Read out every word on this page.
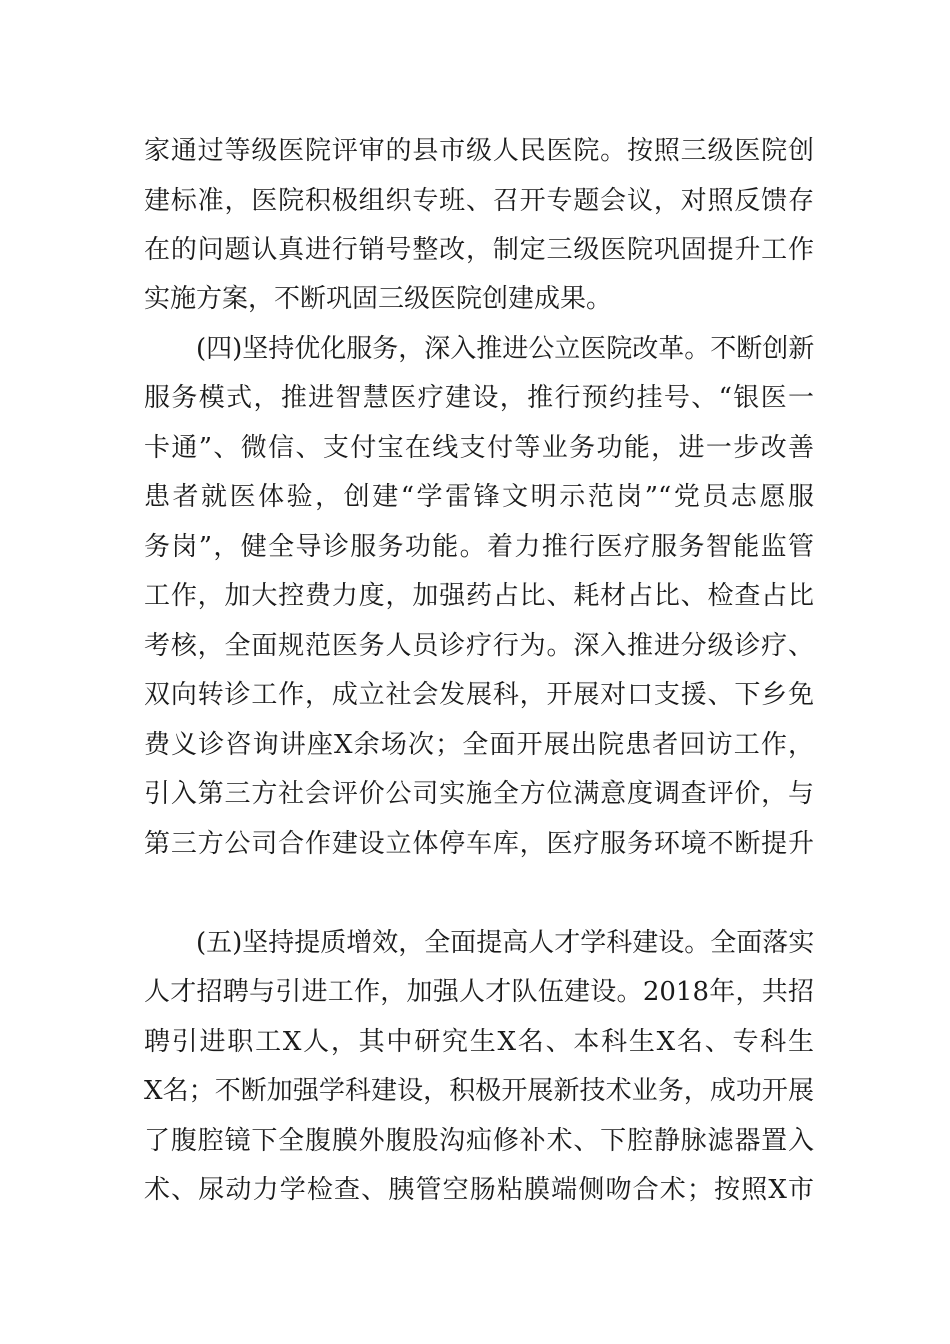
家通过等级医院评审的县市级人民医院。按照三级医院创
建标准，医院积极组织专班、召开专题会议，对照反馈存
在的问题认真进行销号整改，制定三级医院巩固提升工作
实施方案，不断巩固三级医院创建成果。
(四)坚持优化服务，深入推进公立医院改革。不断创新
服务模式，推进智慧医疗建设，推行预约挂号、“银医一
卡通”、微信、支付宝在线支付等业务功能，进一步改善
患者就医体验，创建“学雷锋文明示范岗”“党员志愿服
务岗”，健全导诊服务功能。着力推行医疗服务智能监管
工作，加大控费力度，加强药占比、耗材占比、检查占比
考核，全面规范医务人员诊疗行为。深入推进分级诊疗、
双向转诊工作，成立社会发展科，开展对口支援、下乡免
费义诊咨询讲座X余场次；全面开展出院患者回访工作，
引入第三方社会评价公司实施全方位满意度调查评价，与
第三方公司合作建设立体停车库，医疗服务环境不断提升
(五)坚持提质增效，全面提高人才学科建设。全面落实
人才招聘与引进工作，加强人才队伍建设。2018年，共招
聘引进职工X人，其中研究生X名、本科生X名、专科生
X名；不断加强学科建设，积极开展新技术业务，成功开展
了腹腔镜下全腹膜外腹股沟疝修补术、下腔静脉滤器置入
术、尿动力学检查、胰管空肠粘膜端侧吻合术；按照X市
